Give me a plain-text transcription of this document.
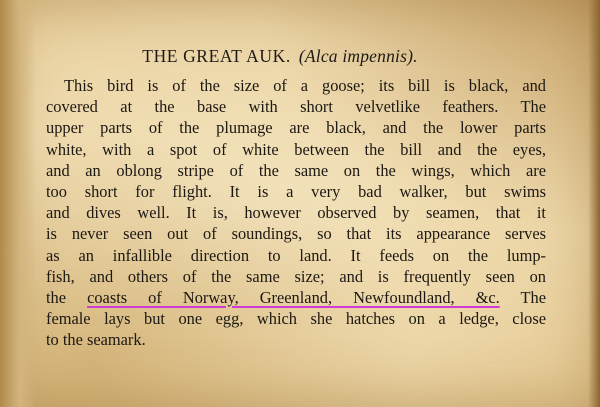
THE GREAT AUK. (Alca impennis).
This bird is of the size of a goose; its bill is black, and
covered at the base with short velvetlike feathers. The
upper parts of the plumage are black, and the lower parts
white, with a spot of white between the bill and the eyes,
and an oblong stripe of the same on the wings, which are
too short for flight. It is a very bad walker, but swims
and dives well. It is, however observed by seamen, that it
is never seen out of soundings, so that its appearance serves
as an infallible direction to land. It feeds on the lump-
fish, and others of the same size; and is frequently seen on
the coasts of Norway, Greenland, Newfoundland, &c. The
female lays but one egg, which she hatches on a ledge, close
to the seamark.
